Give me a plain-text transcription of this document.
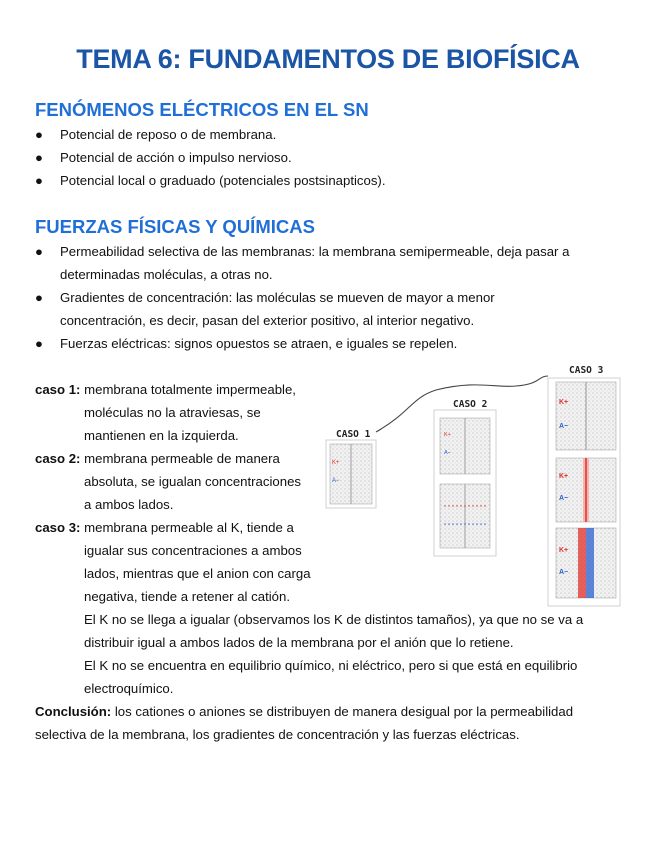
TEMA 6: FUNDAMENTOS DE BIOFÍSICA
FENÓMENOS ELÉCTRICOS EN EL SN
● Potencial de reposo o de membrana.
● Potencial de acción o impulso nervioso.
● Potencial local o graduado (potenciales postsinapticos).
FUERZAS FÍSICAS Y QUÍMICAS
● Permeabilidad selectiva de las membranas: la membrana semipermeable, deja pasar a
determinadas moléculas, a otras no.
● Gradientes de concentración: las moléculas se mueven de mayor a menor
concentración, es decir, pasan del exterior positivo, al interior negativo.
● Fuerzas eléctricas: signos opuestos se atraen, e iguales se repelen.
caso 1: membrana totalmente impermeable,
moléculas no la atraviesas, se
mantienen en la izquierda.
caso 2: membrana permeable de manera
absoluta, se igualan concentraciones
a ambos lados.
caso 3: membrana permeable al K, tiende a
igualar sus concentraciones a ambos
lados, mientras que el anion con carga
negativa, tiende a retener al catión.
El K no se llega a igualar (observamos los K de distintos tamaños), ya que no se va a
distribuir igual a ambos lados de la membrana por el anión que lo retiene.
El K no se encuentra en equilibrio químico, ni eléctrico, pero si que está en equilibrio
electroquímico.
Conclusión: los cationes o aniones se distribuyen de manera desigual por la permeabilidad
selectiva de la membrana, los gradientes de concentración y las fuerzas eléctricas.
CASO 1
CASO 2
CASO 3
K+
A−
K+
A−
K+
A−
K+
A−
K+
A−
